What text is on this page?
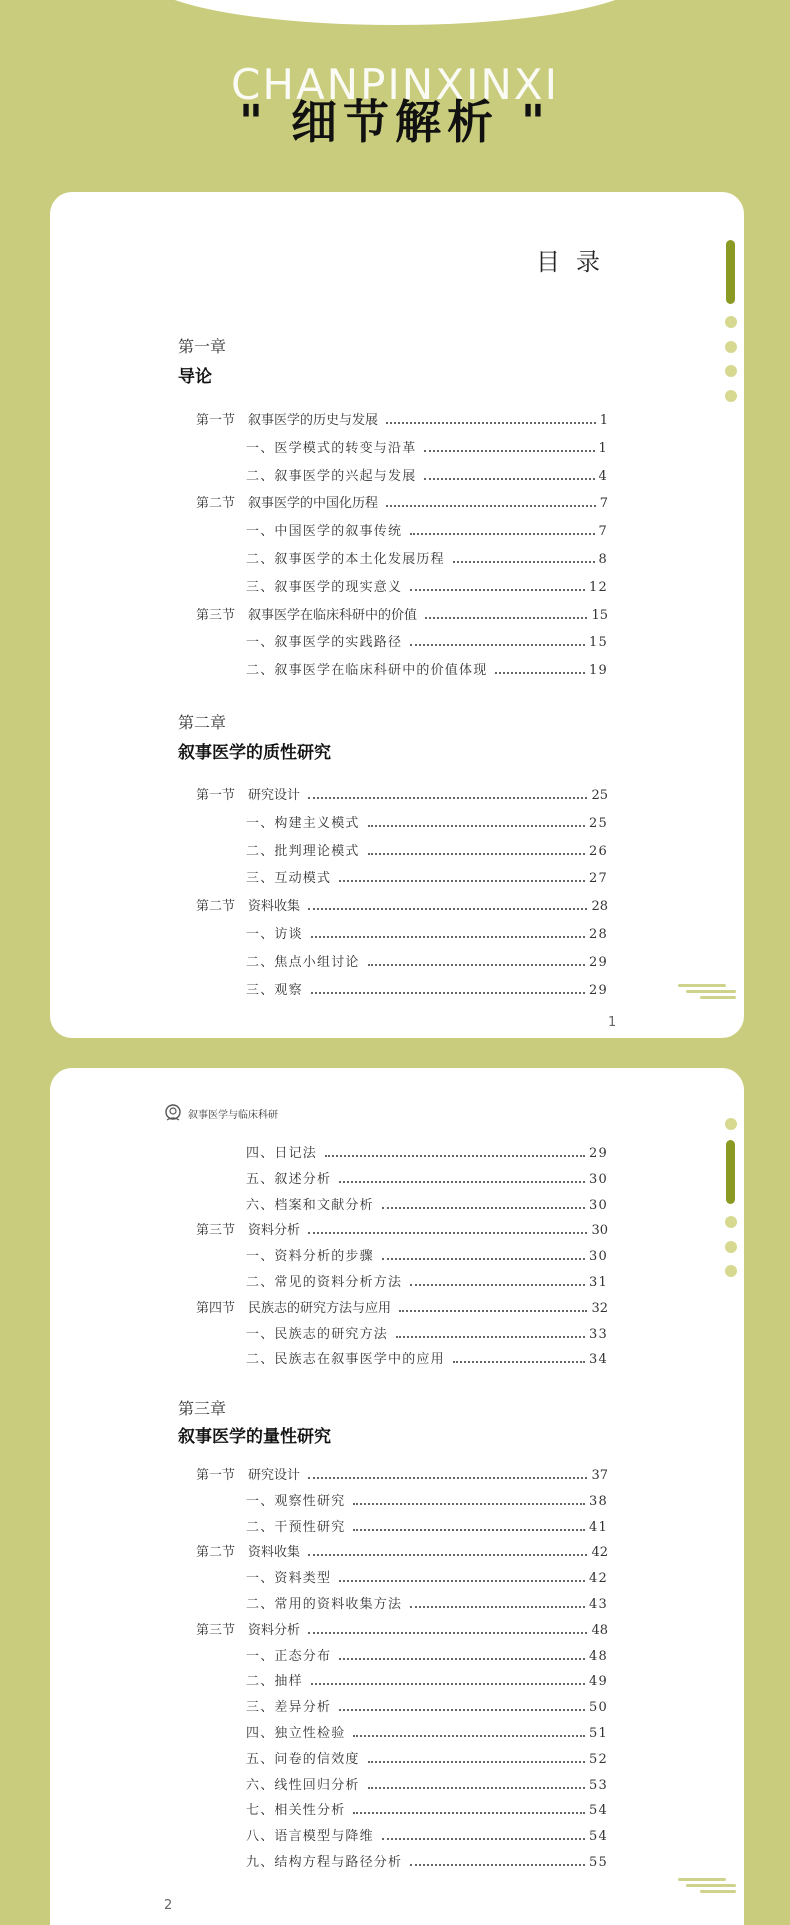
CHANPINXINXI
" 细节解析 "
目录
第一章
导论
第一节 叙事医学的历史与发展	1
一、医学模式的转变与沿革	1
二、叙事医学的兴起与发展	4
第二节 叙事医学的中国化历程	7
一、中国医学的叙事传统	7
二、叙事医学的本土化发展历程	8
三、叙事医学的现实意义	12
第三节 叙事医学在临床科研中的价值	15
一、叙事医学的实践路径	15
二、叙事医学在临床科研中的价值体现	19
第二章
叙事医学的质性研究
第一节 研究设计	25
一、构建主义模式	25
二、批判理论模式	26
三、互动模式	27
第二节 资料收集	28
一、访谈	28
二、焦点小组讨论	29
三、观察	29
1
叙事医学与临床科研
四、日记法	29
五、叙述分析	30
六、档案和文献分析	30
第三节 资料分析	30
一、资料分析的步骤	30
二、常见的资料分析方法	31
第四节 民族志的研究方法与应用	32
一、民族志的研究方法	33
二、民族志在叙事医学中的应用	34
第三章
叙事医学的量性研究
第一节 研究设计	37
一、观察性研究	38
二、干预性研究	41
第二节 资料收集	42
一、资料类型	42
二、常用的资料收集方法	43
第三节 资料分析	48
一、正态分布	48
二、抽样	49
三、差异分析	50
四、独立性检验	51
五、问卷的信效度	52
六、线性回归分析	53
七、相关性分析	54
八、语言模型与降维	54
九、结构方程与路径分析	55
2
